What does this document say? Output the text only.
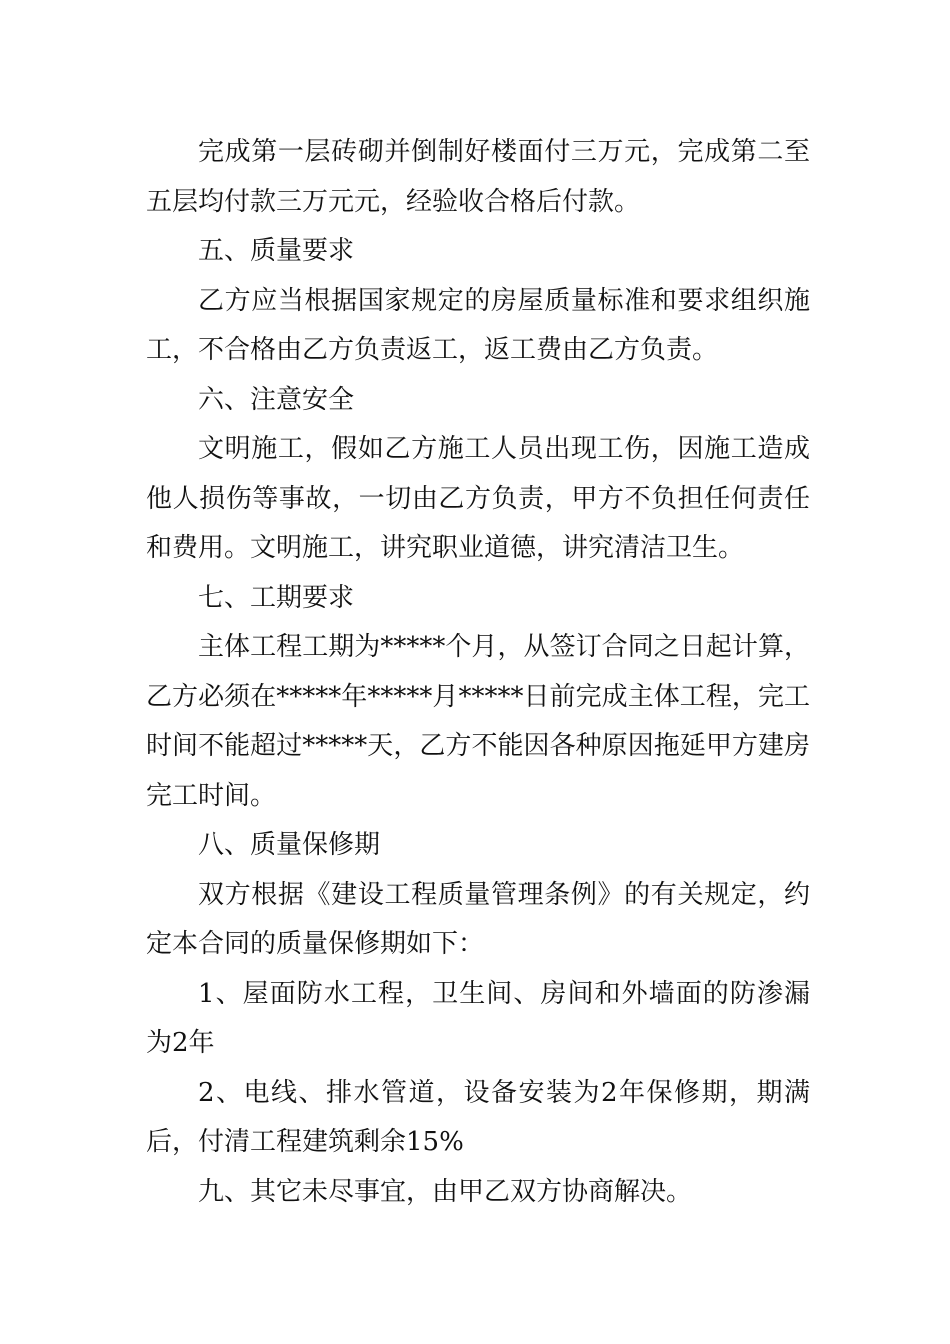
完成第一层砖砌并倒制好楼面付三万元，完成第二至五层均付款三万元元，经验收合格后付款。

五、质量要求

乙方应当根据国家规定的房屋质量标准和要求组织施工，不合格由乙方负责返工，返工费由乙方负责。

六、注意安全

文明施工，假如乙方施工人员出现工伤，因施工造成他人损伤等事故，一切由乙方负责，甲方不负担任何责任和费用。文明施工，讲究职业道德，讲究清洁卫生。

七、工期要求

主体工程工期为*****个月，从签订合同之日起计算，乙方必须在*****年*****月*****日前完成主体工程，完工时间不能超过*****天，乙方不能因各种原因拖延甲方建房完工时间。

八、质量保修期

双方根据《建设工程质量管理条例》的有关规定，约定本合同的质量保修期如下：

1、屋面防水工程，卫生间、房间和外墙面的防渗漏为2年

2、电线、排水管道，设备安装为2年保修期，期满后，付清工程建筑剩余15%

九、其它未尽事宜，由甲乙双方协商解决。
